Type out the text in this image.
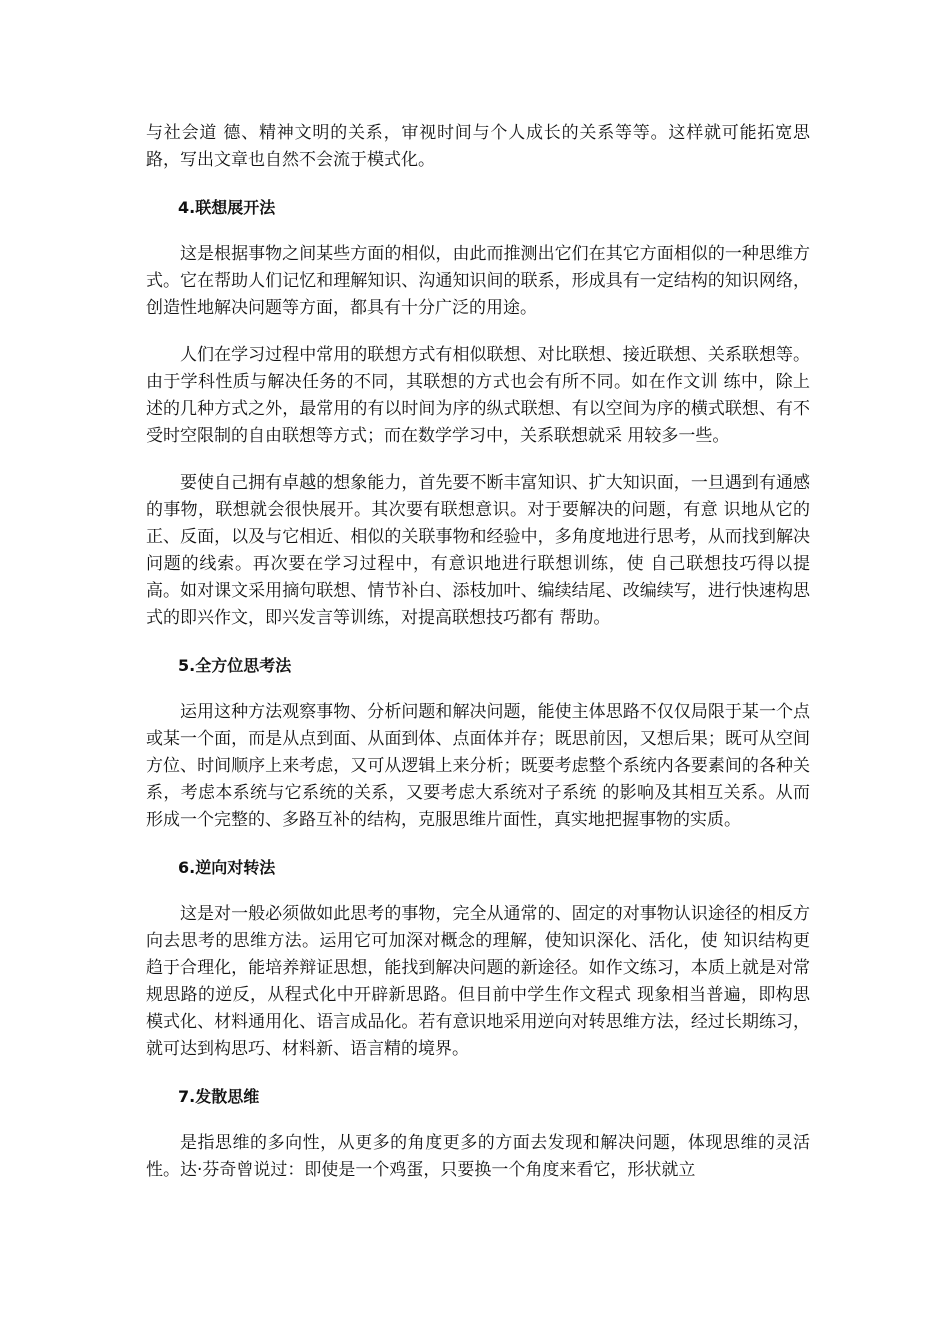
与社会道 德、精神文明的关系，审视时间与个人成长的关系等等。这样就可能拓宽思路，写出文章也自然不会流于模式化。

4.联想展开法

这是根据事物之间某些方面的相似，由此而推测出它们在其它方面相似的一种思维方式。它在帮助人们记忆和理解知识、沟通知识间的联系，形成具有一定结构的知识网络，创造性地解决问题等方面，都具有十分广泛的用途。

人们在学习过程中常用的联想方式有相似联想、对比联想、接近联想、关系联想等。由于学科性质与解决任务的不同，其联想的方式也会有所不同。如在作文训 练中，除上述的几种方式之外，最常用的有以时间为序的纵式联想、有以空间为序的横式联想、有不受时空限制的自由联想等方式；而在数学学习中，关系联想就采 用较多一些。

要使自己拥有卓越的想象能力，首先要不断丰富知识、扩大知识面，一旦遇到有通感的事物，联想就会很快展开。其次要有联想意识。对于要解决的问题，有意 识地从它的正、反面，以及与它相近、相似的关联事物和经验中，多角度地进行思考，从而找到解决问题的线索。再次要在学习过程中，有意识地进行联想训练，使 自己联想技巧得以提高。如对课文采用摘句联想、情节补白、添枝加叶、编续结尾、改编续写，进行快速构思式的即兴作文，即兴发言等训练，对提高联想技巧都有 帮助。

5.全方位思考法

运用这种方法观察事物、分析问题和解决问题，能使主体思路不仅仅局限于某一个点或某一个面，而是从点到面、从面到体、点面体并存；既思前因，又想后果；既可从空间方位、时间顺序上来考虑，又可从逻辑上来分析；既要考虑整个系统内各要素间的各种关系，考虑本系统与它系统的关系，又要考虑大系统对子系统 的影响及其相互关系。从而形成一个完整的、多路互补的结构，克服思维片面性，真实地把握事物的实质。

6.逆向对转法

这是对一般必须做如此思考的事物，完全从通常的、固定的对事物认识途径的相反方向去思考的思维方法。运用它可加深对概念的理解，使知识深化、活化，使 知识结构更趋于合理化，能培养辩证思想，能找到解决问题的新途径。如作文练习，本质上就是对常规思路的逆反，从程式化中开辟新思路。但目前中学生作文程式 现象相当普遍，即构思模式化、材料通用化、语言成品化。若有意识地采用逆向对转思维方法，经过长期练习，就可达到构思巧、材料新、语言精的境界。

7.发散思维

是指思维的多向性，从更多的角度更多的方面去发现和解决问题，体现思维的灵活性。达·芬奇曾说过：即使是一个鸡蛋，只要换一个角度来看它，形状就立
